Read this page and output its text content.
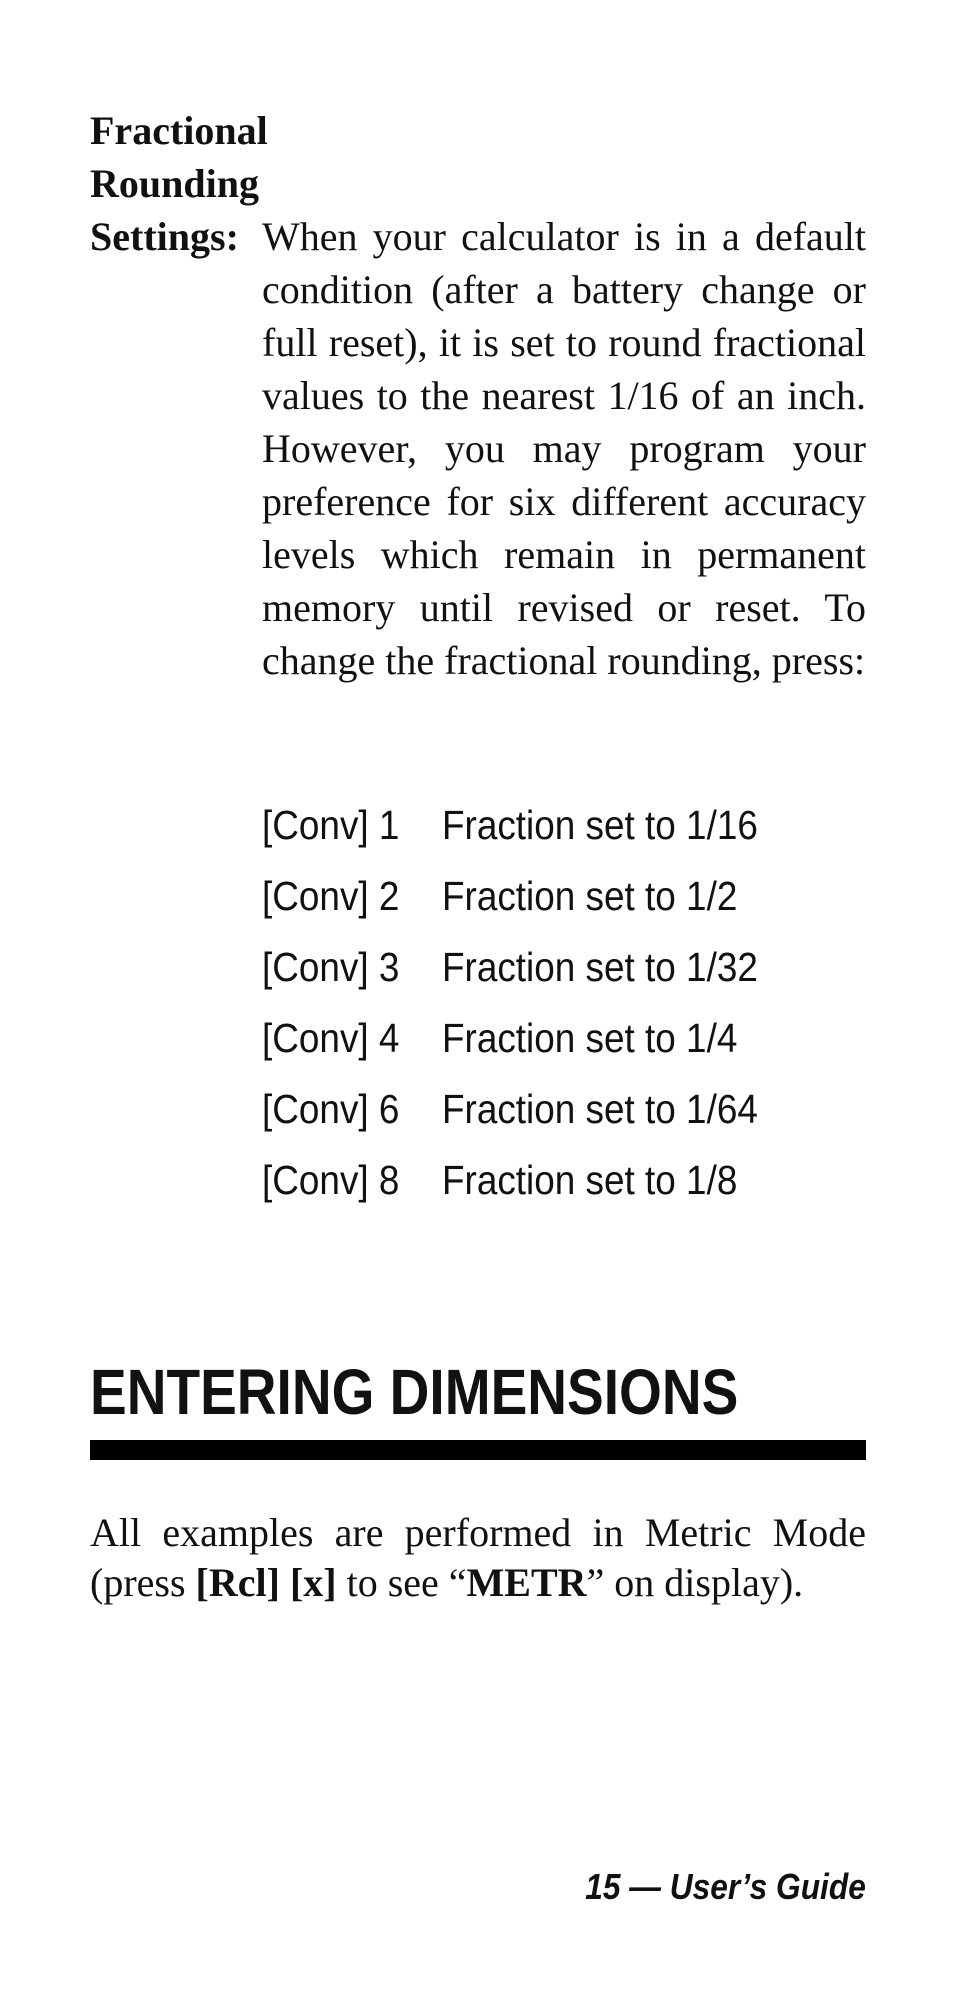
Fractional
Rounding
Settings: When your calculator is in a default condition (after a battery change or full reset), it is set to round fractional values to the nearest 1/16 of an inch. However, you may program your preference for six different accuracy levels which remain in permanent memory until revised or reset. To change the fractional rounding, press:

[Conv] 1	Fraction set to 1/16
[Conv] 2	Fraction set to 1/2
[Conv] 3	Fraction set to 1/32
[Conv] 4	Fraction set to 1/4
[Conv] 6	Fraction set to 1/64
[Conv] 8	Fraction set to 1/8
ENTERING DIMENSIONS

All examples are performed in Metric Mode
(press [Rcl] [x] to see “METR” on display).

15 — User’s Guide
